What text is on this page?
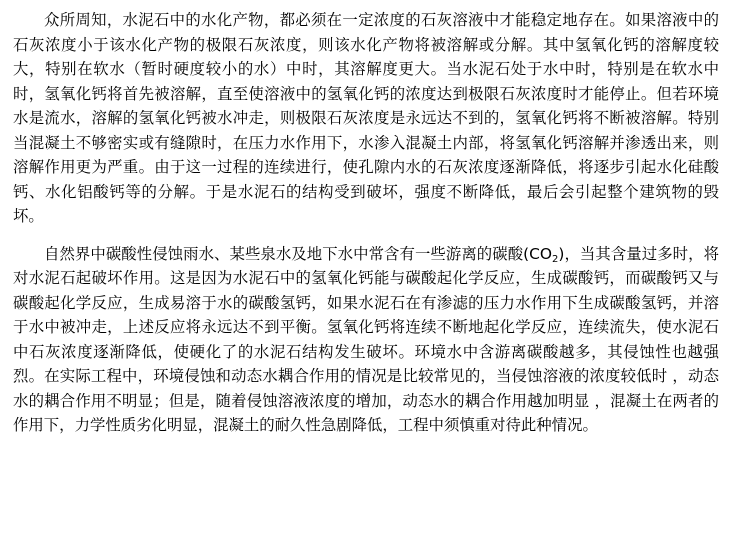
众所周知，水泥石中的水化产物，都必须在一定浓度的石灰溶液中才能稳定地存在。如果溶液中的石灰浓度小于该水化产物的极限石灰浓度，则该水化产物将被溶解或分解。其中氢氧化钙的溶解度较大，特别在软水（暂时硬度较小的水）中时，其溶解度更大。当水泥石处于水中时，特别是在软水中时，氢氧化钙将首先被溶解，直至使溶液中的氢氧化钙的浓度达到极限石灰浓度时才能停止。但若环境水是流水，溶解的氢氧化钙被水冲走，则极限石灰浓度是永远达不到的，氢氧化钙将不断被溶解。特别当混凝土不够密实或有缝隙时，在压力水作用下，水渗入混凝土内部，将氢氧化钙溶解并渗透出来，则溶解作用更为严重。由于这一过程的连续进行，使孔隙内水的石灰浓度逐渐降低，将逐步引起水化硅酸钙、水化铝酸钙等的分解。于是水泥石的结构受到破坏，强度不断降低，最后会引起整个建筑物的毁坏。

自然界中碳酸性侵蚀雨水、某些泉水及地下水中常含有一些游离的碳酸$(CO_2)$，当其含量过多时，将对水泥石起破坏作用。这是因为水泥石中的氢氧化钙能与碳酸起化学反应，生成碳酸钙，而碳酸钙又与碳酸起化学反应，生成易溶于水的碳酸氢钙，如果水泥石在有渗滤的压力水作用下生成碳酸氢钙，并溶于水中被冲走，上述反应将永远达不到平衡。氢氧化钙将连续不断地起化学反应，连续流失，使水泥石中石灰浓度逐渐降低，使硬化了的水泥石结构发生破坏。环境水中含游离碳酸越多，其侵蚀性也越强烈。在实际工程中，环境侵蚀和动态水耦合作用的情况是比较常见的，当侵蚀溶液的浓度较低时 ，动态水的耦合作用不明显；但是，随着侵蚀溶液浓度的增加，动态水的耦合作用越加明显 ，混凝土在两者的作用下，力学性质劣化明显，混凝土的耐久性急剧降低，工程中须慎重对待此种情况。
